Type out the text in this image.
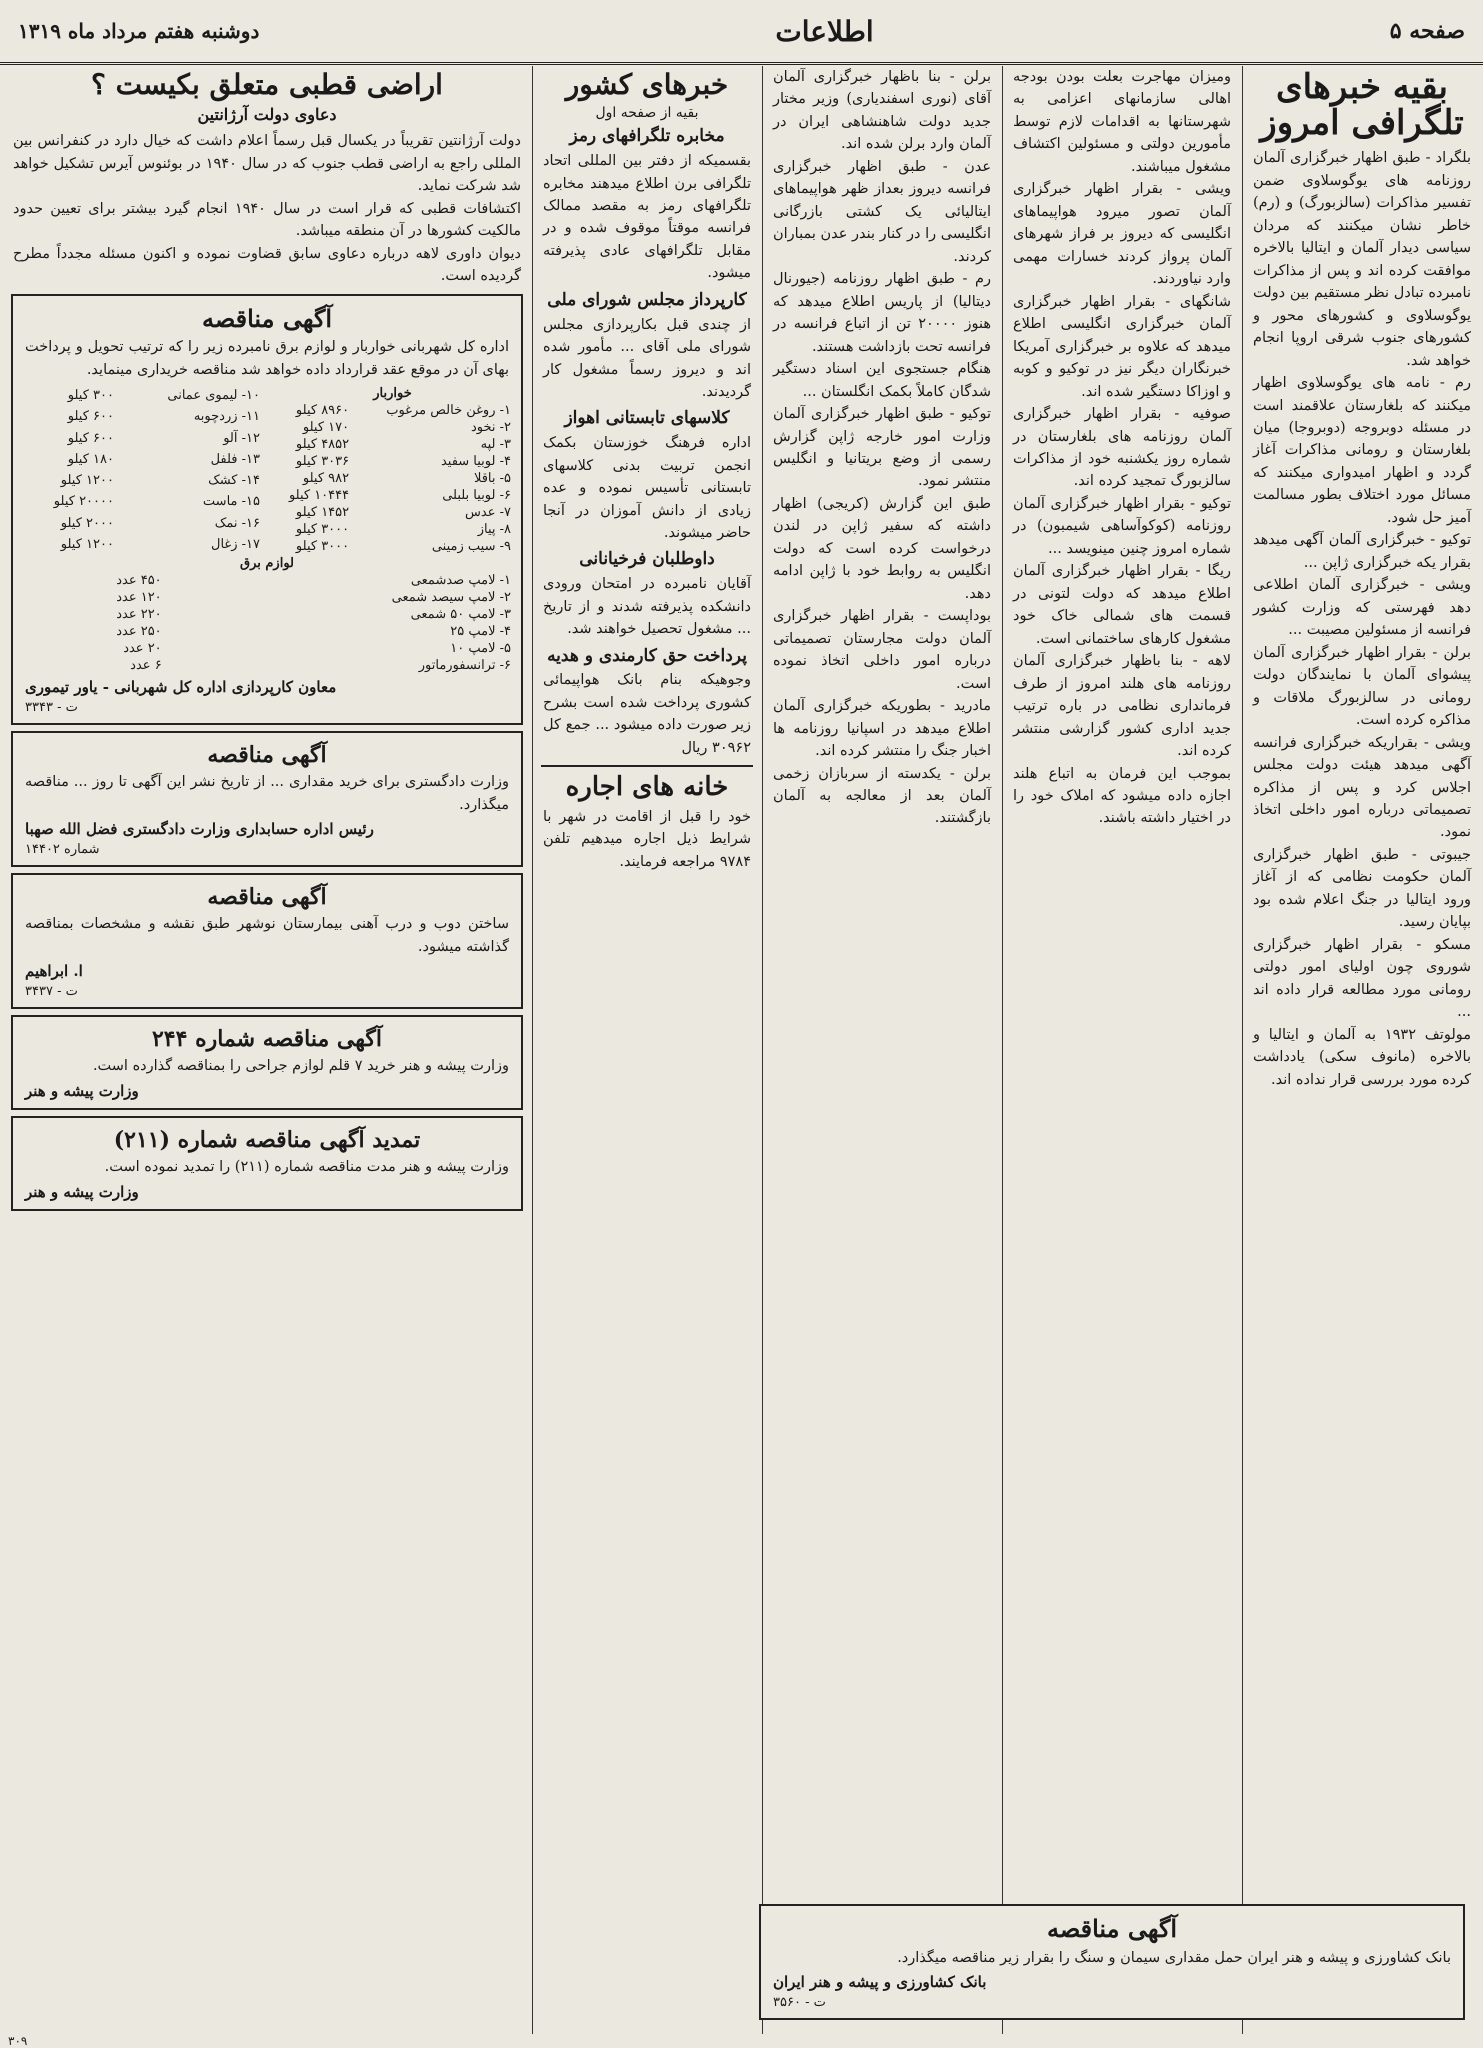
صفحه ۵
اطلاعات
دوشنبه هفتم مرداد ماه ۱۳۱۹
بقیه خبرهای تلگرافی امروز
بلگراد - طبق اظهار خبرگزاری آلمان روزنامه های یوگوسلاوی ضمن تفسیر مذاکرات (سالزبورگ) و (رم) خاطر نشان میکنند که مردان سیاسی دیدار آلمان و ایتالیا بالاخره موافقت کرده اند و پس از مذاکرات نامبرده تبادل نظر مستقیم بین دولت یوگوسلاوی و کشورهای محور و کشورهای جنوب شرقی اروپا انجام خواهد شد.
رم - نامه های یوگوسلاوی اظهار میکنند که بلغارستان علاقمند است در مسئله دوبروجه (دوبروجا) میان بلغارستان و رومانی مذاکرات آغاز گردد و اظهار امیدواری میکنند که مسائل مورد اختلاف بطور مسالمت آمیز حل شود.
توکیو - خبرگزاری آلمان آگهی میدهد بقرار یکه خبرگزاری ژاپن ...
ویشی - خبرگزاری آلمان اطلاعی دهد فهرستی که وزارت کشور فرانسه از مسئولین مصیبت ...
برلن - بقرار اظهار خبرگزاری آلمان پیشوای آلمان با نمایندگان دولت رومانی در سالزبورگ ملاقات و مذاکره کرده است.
ویشی - بقراریکه خبرگزاری فرانسه آگهی میدهد هیئت دولت مجلس اجلاس کرد و پس از مذاکره تصمیماتی درباره امور داخلی اتخاذ نمود.
جیبوتی - طبق اظهار خبرگزاری آلمان حکومت نظامی که از آغاز ورود ایتالیا در جنگ اعلام شده بود بپایان رسید.
مسکو - بقرار اظهار خبرگزاری شوروی چون اولیای امور دولتی رومانی مورد مطالعه قرار داده اند ...
مولوتف ۱۹۳۲ به آلمان و ایتالیا و بالاخره (مانوف سکی) یادداشت کرده مورد بررسی قرار نداده اند.
ومیزان مهاجرت بعلت بودن بودجه اهالی سازمانهای اعزامی به شهرستانها به اقدامات لازم توسط مأمورین دولتی و مسئولین اکتشاف مشغول میباشند.
ویشی - بقرار اظهار خبرگزاری آلمان تصور میرود هواپیماهای انگلیسی که دیروز بر فراز شهرهای آلمان پرواز کردند خسارات مهمی وارد نیاوردند.
شانگهای - بقرار اظهار خبرگزاری آلمان خبرگزاری انگلیسی اطلاع میدهد که علاوه بر خبرگزاری آمریکا خبرنگاران دیگر نیز در توکیو و کوبه و اوزاکا دستگیر شده اند.
صوفیه - بقرار اظهار خبرگزاری آلمان روزنامه های بلغارستان در شماره روز یکشنبه خود از مذاکرات سالزبورگ تمجید کرده اند.
توکیو - بقرار اظهار خبرگزاری آلمان روزنامه (کوکوآساهی شیمبون) در شماره امروز چنین مینویسد ...
ریگا - بقرار اظهار خبرگزاری آلمان اطلاع میدهد که دولت لتونی در قسمت های شمالی خاک خود مشغول کارهای ساختمانی است.
لاهه - بنا باظهار خبرگزاری آلمان روزنامه های هلند امروز از طرف فرمانداری نظامی در باره ترتیب جدید اداری کشور گزارشی منتشر کرده اند.
بموجب این فرمان به اتباع هلند اجازه داده میشود که املاک خود را در اختیار داشته باشند.
برلن - بنا باظهار خبرگزاری آلمان آقای (نوری اسفندیاری) وزیر مختار جدید دولت شاهنشاهی ایران در آلمان وارد برلن شده اند.
عدن - طبق اظهار خبرگزاری فرانسه دیروز بعداز ظهر هواپیماهای ایتالیائی یک کشتی بازرگانی انگلیسی را در کنار بندر عدن بمباران کردند.
رم - طبق اظهار روزنامه (جیورنال دیتالیا) از پاریس اطلاع میدهد که هنوز ۲۰۰۰۰ تن از اتباع فرانسه در فرانسه تحت بازداشت هستند.
هنگام جستجوی این اسناد دستگیر شدگان کاملاً بکمک انگلستان ...
توکیو - طبق اظهار خبرگزاری آلمان وزارت امور خارجه ژاپن گزارش رسمی از وضع بریتانیا و انگلیس منتشر نمود.
طبق این گزارش (کریجی) اظهار داشته که سفیر ژاپن در لندن درخواست کرده است که دولت انگلیس به روابط خود با ژاپن ادامه دهد.
بوداپست - بقرار اظهار خبرگزاری آلمان دولت مجارستان تصمیماتی درباره امور داخلی اتخاذ نموده است.
مادرید - بطوریکه خبرگزاری آلمان اطلاع میدهد در اسپانیا روزنامه ها اخبار جنگ را منتشر کرده اند.
برلن - یکدسته از سربازان زخمی آلمان بعد از معالجه به آلمان بازگشتند.
خبرهای کشور
بقیه از صفحه اول
مخابره تلگرافهای رمز
بقسمیکه از دفتر بین المللی اتحاد تلگرافی برن اطلاع میدهند مخابره تلگرافهای رمز به مقصد ممالک فرانسه موقتاً موقوف شده و در مقابل تلگرافهای عادی پذیرفته میشود.
کارپرداز مجلس شورای ملی
از چندی قبل بکارپردازی مجلس شورای ملی آقای ... مأمور شده اند و دیروز رسماً مشغول کار گردیدند.
کلاسهای تابستانی اهواز
اداره فرهنگ خوزستان بکمک انجمن تربیت بدنی کلاسهای تابستانی تأسیس نموده و عده زیادی از دانش آموزان در آنجا حاضر میشوند.
داوطلبان فرخیانانی
آقایان نامبرده در امتحان ورودی دانشکده پذیرفته شدند و از تاریخ ... مشغول تحصیل خواهند شد.
پرداخت حق کارمندی و هدیه
وجوهیکه بنام بانک هواپیمائی کشوری پرداخت شده است بشرح زیر صورت داده میشود ... جمع کل ۳۰۹۶۲ ریال
خانه های اجاره
خود را قبل از اقامت در شهر با شرایط ذیل اجاره میدهیم تلفن ۹۷۸۴ مراجعه فرمایند.
اراضی قطبی متعلق بکیست ؟
دعاوی دولت آرژانتین
دولت آرژانتین تقریباً در یکسال قبل رسماً اعلام داشت که خیال دارد در کنفرانس بین المللی راجع به اراضی قطب جنوب که در سال ۱۹۴۰ در بوئنوس آیرس تشکیل خواهد شد شرکت نماید.
اکتشافات قطبی که قرار است در سال ۱۹۴۰ انجام گیرد بیشتر برای تعیین حدود مالکیت کشورها در آن منطقه میباشد.
دیوان داوری لاهه درباره دعاوی سابق قضاوت نموده و اکنون مسئله مجدداً مطرح گردیده است.
آگهی مناقصه
اداره کل شهربانی خواربار و لوازم برق نامبرده زیر را که ترتیب تحویل و پرداخت بهای آن در موقع عقد قرارداد داده خواهد شد مناقصه خریداری مینماید.
خواربار	
۱- روغن خالص مرغوب	۸۹۶۰ کیلو
۲- نخود	۱۷۰ کیلو
۳- لپه	۴۸۵۲ کیلو
۴- لوبیا سفید	۳۰۳۶ کیلو
۵- باقلا	۹۸۲ کیلو
۶- لوبیا بلبلی	۱۰۴۴۴ کیلو
۷- عدس	۱۴۵۲ کیلو
۸- پیاز	۳۰۰۰ کیلو
۹- سیب زمینی	۳۰۰۰ کیلو
۱۰- لیموی عمانی	۳۰۰ کیلو
۱۱- زردچوبه	۶۰۰ کیلو
۱۲- آلو	۶۰۰ کیلو
۱۳- فلفل	۱۸۰ کیلو
۱۴- کشک	۱۲۰۰ کیلو
۱۵- ماست	۲۰۰۰۰ کیلو
۱۶- نمک	۲۰۰۰ کیلو
۱۷- زغال	۱۲۰۰ کیلو
لوازم برق	
۱- لامپ صدشمعی	۴۵۰ عدد
۲- لامپ سیصد شمعی	۱۲۰ عدد
۳- لامپ ۵۰ شمعی	۲۲۰ عدد
۴- لامپ ۲۵	۲۵۰ عدد
۵- لامپ ۱۰	۲۰ عدد
۶- ترانسفورماتور	۶ عدد
معاون کارپردازی اداره کل شهربانی - یاور تیموری
ت - ۳۳۴۳
آگهی مناقصه
وزارت دادگستری برای خرید مقداری ... از تاریخ نشر این آگهی تا روز ... مناقصه میگذارد.
رئیس اداره حسابداری وزارت دادگستری فضل الله صهبا
شماره ۱۴۴۰۲
آگهی مناقصه
ساختن دوب و درب آهنی بیمارستان نوشهر طبق نقشه و مشخصات بمناقصه گذاشته میشود.
ا. ابراهیم
ت - ۳۴۳۷
آگهی مناقصه شماره ۲۴۴
وزارت پیشه و هنر خرید ۷ قلم لوازم جراحی را بمناقصه گذارده است.
وزارت پیشه و هنر
تمدید آگهی مناقصه شماره (۲۱۱)
وزارت پیشه و هنر مدت مناقصه شماره (۲۱۱) را تمدید نموده است.
وزارت پیشه و هنر
آگهی مناقصه
بانک کشاورزی و پیشه و هنر ایران حمل مقداری سیمان و سنگ را بقرار زیر مناقصه میگذارد.
بانک کشاورزی و پیشه و هنر ایران
ت - ۳۵۶۰
۳۰۹
